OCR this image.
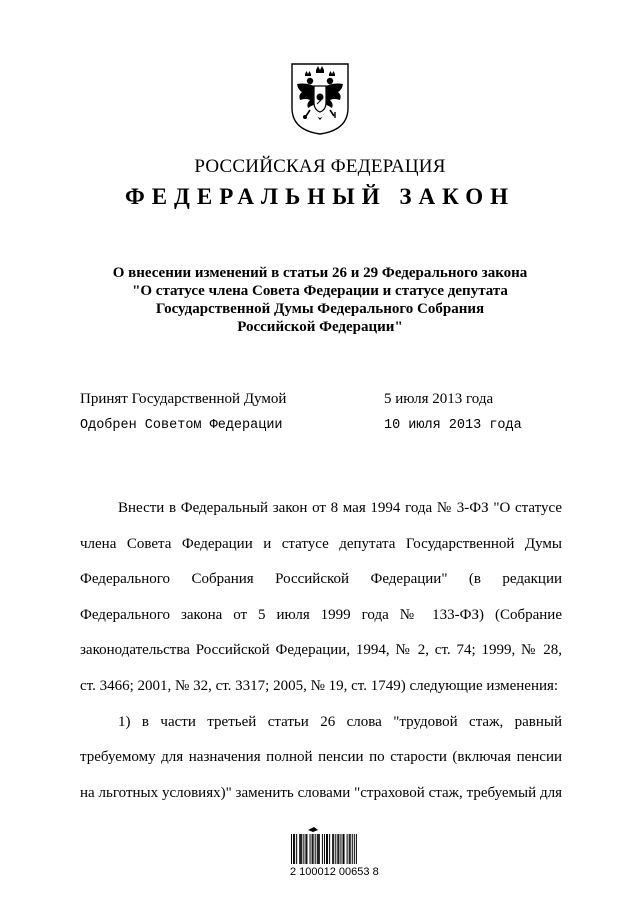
РОССИЙСКАЯ ФЕДЕРАЦИЯ
ФЕДЕРАЛЬНЫЙ ЗАКОН
О внесении изменений в статьи 26 и 29 Федерального закона
"О статусе члена Совета Федерации и статусе депутата
Государственной Думы Федерального Собрания
Российской Федерации"
Принят Государственной Думой	5 июля 2013 года
Одобрен Советом Федерации	10 июля 2013 года
Внести в Федеральный закон от 8 мая 1994 года № 3-ФЗ "О статусе
члена Совета Федерации и статусе депутата Государственной Думы
Федерального Собрания Российской Федерации" (в редакции
Федерального закона от 5 июля 1999 года № 133-ФЗ) (Собрание
законодательства Российской Федерации, 1994, № 2, ст. 74; 1999, № 28,
ст. 3466; 2001, № 32, ст. 3317; 2005, № 19, ст. 1749) следующие изменения:
1) в части третьей статьи 26 слова "трудовой стаж, равный
требуемому для назначения полной пенсии по старости (включая пенсии
на льготных условиях)" заменить словами "страховой стаж, требуемый для
2 100012 00653 8
